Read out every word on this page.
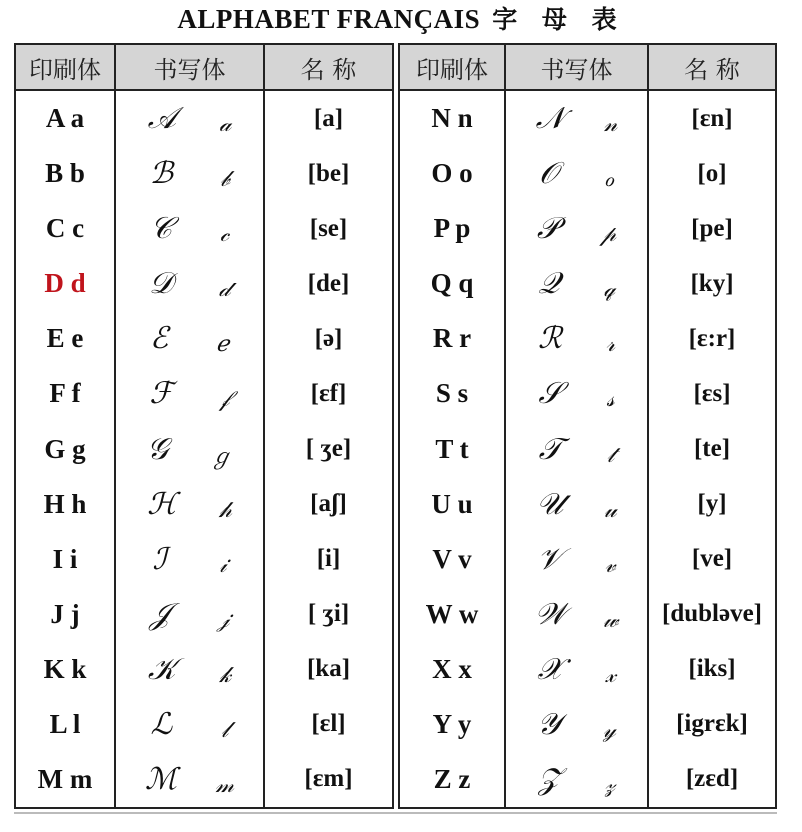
ALPHABET FRANÇAIS 字 母 表
印刷体	书写体	名 称
A a	𝒜 𝒶	[a]
B b	ℬ 𝒷	[be]
C c	𝒞 𝒸	[se]
D d	𝒟 𝒹	[de]
E e	ℰ ℯ	[ə]
F f	ℱ 𝒻	[ɛf]
G g	𝒢 ℊ	[ ʒe]
H h	ℋ 𝒽	[aʃ]
I i	ℐ 𝒾	[i]
J j	𝒥 𝒿	[ ʒi]
K k	𝒦 𝓀	[ka]
L l	ℒ 𝓁	[ɛl]
M m	ℳ 𝓂	[ɛm]
印刷体	书写体	名 称
N n	𝒩 𝓃	[ɛn]
O o	𝒪 ℴ	[o]
P p	𝒫 𝓅	[pe]
Q q	𝒬 𝓆	[ky]
R r	ℛ 𝓇	[ɛ:r]
S s	𝒮 𝓈	[ɛs]
T t	𝒯 𝓉	[te]
U u	𝒰 𝓊	[y]
V v	𝒱 𝓋	[ve]
W w	𝒲 𝓌	[dubləve]
X x	𝒳 𝓍	[iks]
Y y	𝒴 𝓎	[igrɛk]
Z z	𝒵 𝓏	[zɛd]
